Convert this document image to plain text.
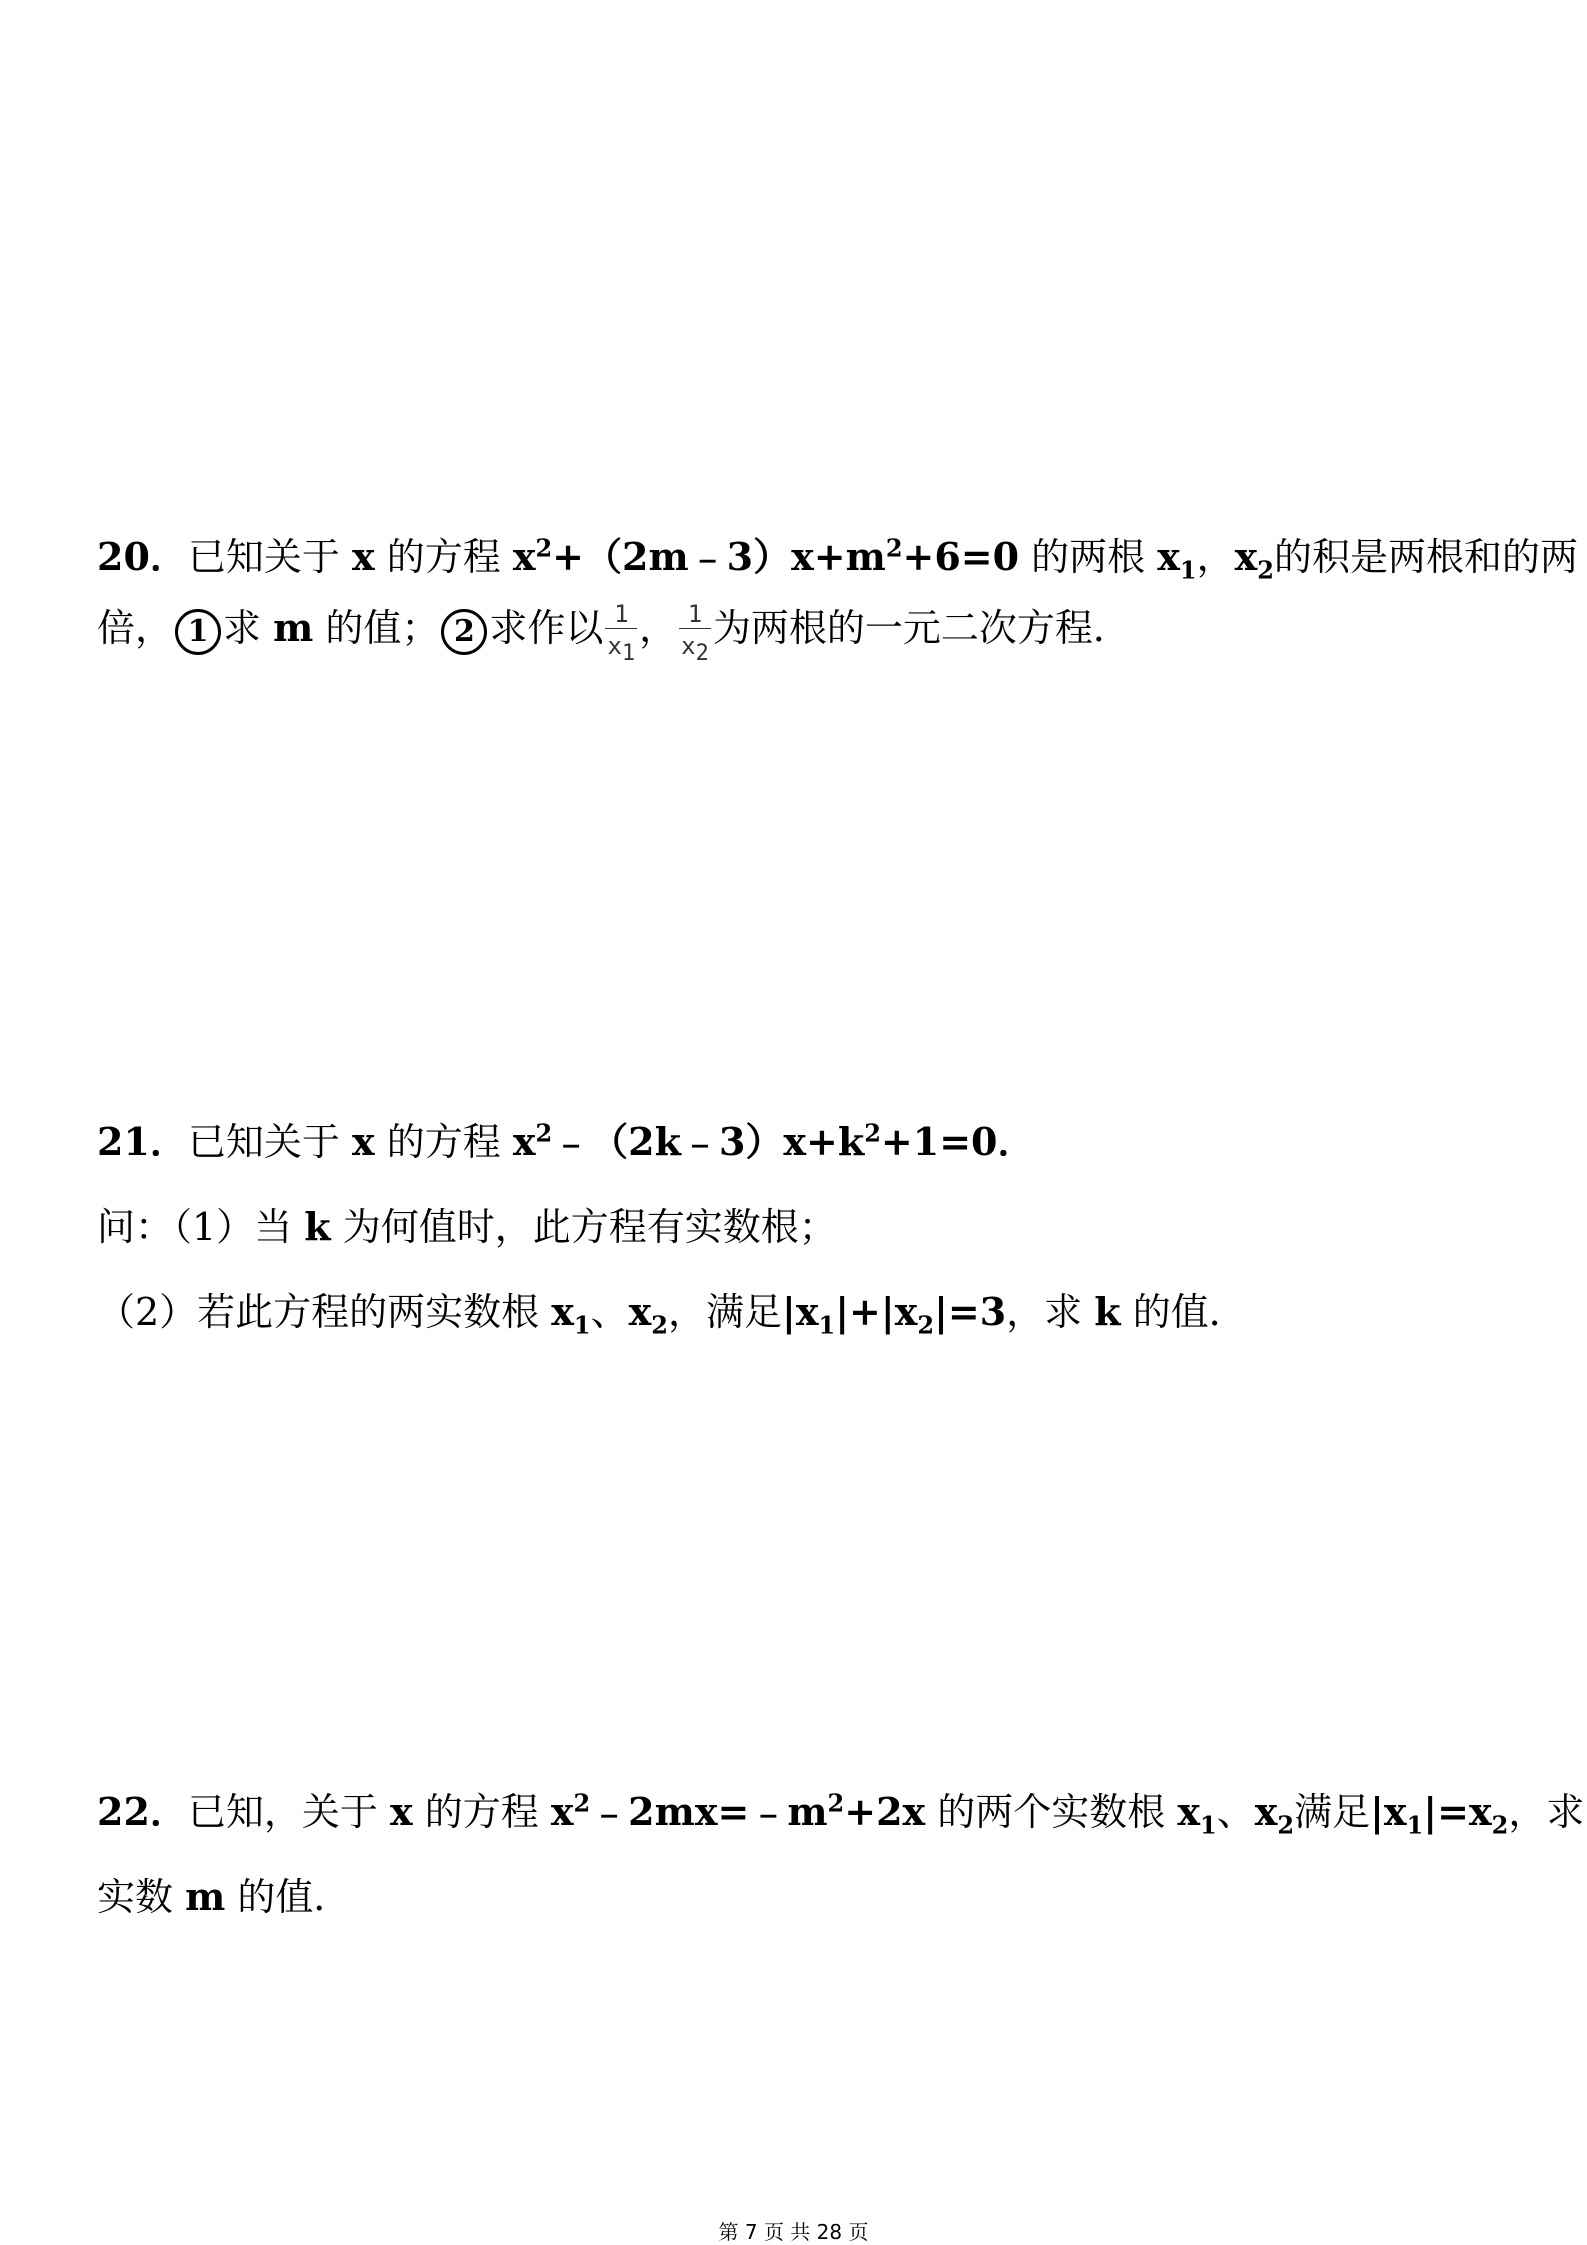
20．已知关于 x 的方程 $x^2+(2m﹣3)x+m^2+6=0$ 的两根 $x_1$，$x_2$的积是两根和的两
倍， 1 求 m 的值； 2 求作以 $\frac{1}{x_1}$ ， $\frac{1}{x_2}$ 为两根的一元二次方程．
21．已知关于 x 的方程 $x^2﹣(2k﹣3)x+k^2+1=0$．
问：（1）当 k 为何值时，此方程有实数根；
（2）若此方程的两实数根 $x_1$、$x_2$，满足$|x_1|+|x_2|=3$，求 k 的值．
22．已知，关于 x 的方程 $x^2﹣2mx=﹣m^2+2x$ 的两个实数根 $x_1$、$x_2$满足$|x_1|=x_2$，求
实数 m 的值．
第 7 页 共 28 页
